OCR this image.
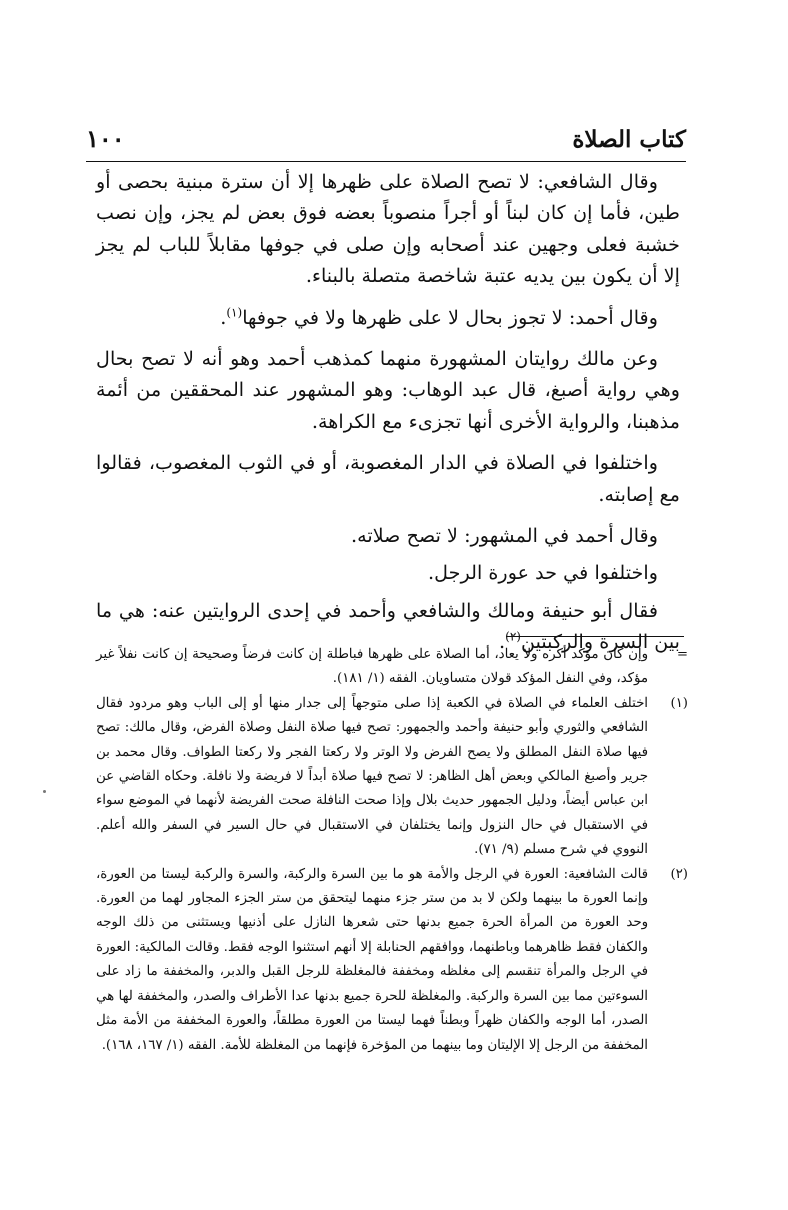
١٠٠	كتاب الصلاة

وقال الشافعي: لا تصح الصلاة على ظهرها إلا أن سترة مبنية بحصى أو طين، فأما إن كان لبناً أو أجراً منصوباً بعضه فوق بعض لم يجز، وإن نصب خشبة فعلى وجهين عند أصحابه وإن صلى في جوفها مقابلاً للباب لم يجز إلا أن يكون بين يديه عتبة شاخصة متصلة بالبناء.

وقال أحمد: لا تجوز بحال لا على ظهرها ولا في جوفها$^{(١)}$.

وعن مالك روايتان المشهورة منهما كمذهب أحمد وهو أنه لا تصح بحال وهي رواية أصبغ، قال عبد الوهاب: وهو المشهور عند المحققين من أئمة مذهبنا، والرواية الأخرى أنها تجزىء مع الكراهة.

واختلفوا في الصلاة في الدار المغصوبة، أو في الثوب المغصوب، فقالوا مع إصابته.

وقال أحمد في المشهور: لا تصح صلاته.

واختلفوا في حد عورة الرجل.

فقال أبو حنيفة ومالك والشافعي وأحمد في إحدى الروايتين عنه: هي ما بين السرة والركبتين$^{(٢)}$.

=
وإن كان مؤكد أكره ولا يعاد، أما الصلاة على ظهرها فباطلة إن كانت فرضاً وصحيحة إن كانت نفلاً غير مؤكد، وفي النفل المؤكد قولان متساويان. الفقه (١/ ١٨١).
(١)
اختلف العلماء في الصلاة في الكعبة إذا صلى متوجهاً إلى جدار منها أو إلى الباب وهو مردود فقال الشافعي والثوري وأبو حنيفة وأحمد والجمهور: تصح فيها صلاة النفل وصلاة الفرض، وقال مالك: تصح فيها صلاة النفل المطلق ولا يصح الفرض ولا الوتر ولا ركعتا الفجر ولا ركعتا الطواف. وقال محمد بن جرير وأصبغ المالكي وبعض أهل الظاهر: لا تصح فيها صلاة أبداً لا فريضة ولا نافلة. وحكاه القاضي عن ابن عباس أيضاً، ودليل الجمهور حديث بلال وإذا صحت النافلة صحت الفريضة لأنهما في الموضع سواء في الاستقبال في حال النزول وإنما يختلفان في الاستقبال في حال السير في السفر والله أعلم. النووي في شرح مسلم (٩/ ٧١).
(٢)
قالت الشافعية: العورة في الرجل والأمة هو ما بين السرة والركبة، والسرة والركبة ليستا من العورة، وإنما العورة ما بينهما ولكن لا بد من ستر جزء منهما ليتحقق من ستر الجزء المجاور لهما من العورة. وحد العورة من المرأة الحرة جميع بدنها حتى شعرها النازل على أذنيها ويستثنى من ذلك الوجه والكفان فقط ظاهرهما وباطنهما، ووافقهم الحنابلة إلا أنهم استثنوا الوجه فقط. وقالت المالكية: العورة في الرجل والمرأة تنقسم إلى مغلظه ومخففة فالمغلظة للرجل القبل والدبر، والمخففة ما زاد على السوءتين مما بين السرة والركبة. والمغلظة للحرة جميع بدنها عدا الأطراف والصدر، والمخففة لها هي الصدر، أما الوجه والكفان ظهراً وبطناً فهما ليستا من العورة مطلقاً، والعورة المخففة من الأمة مثل المخففة من الرجل إلا الإليتان وما بينهما من المؤخرة فإنهما من المغلظة للأمة. الفقه (١/ ١٦٧، ١٦٨).
